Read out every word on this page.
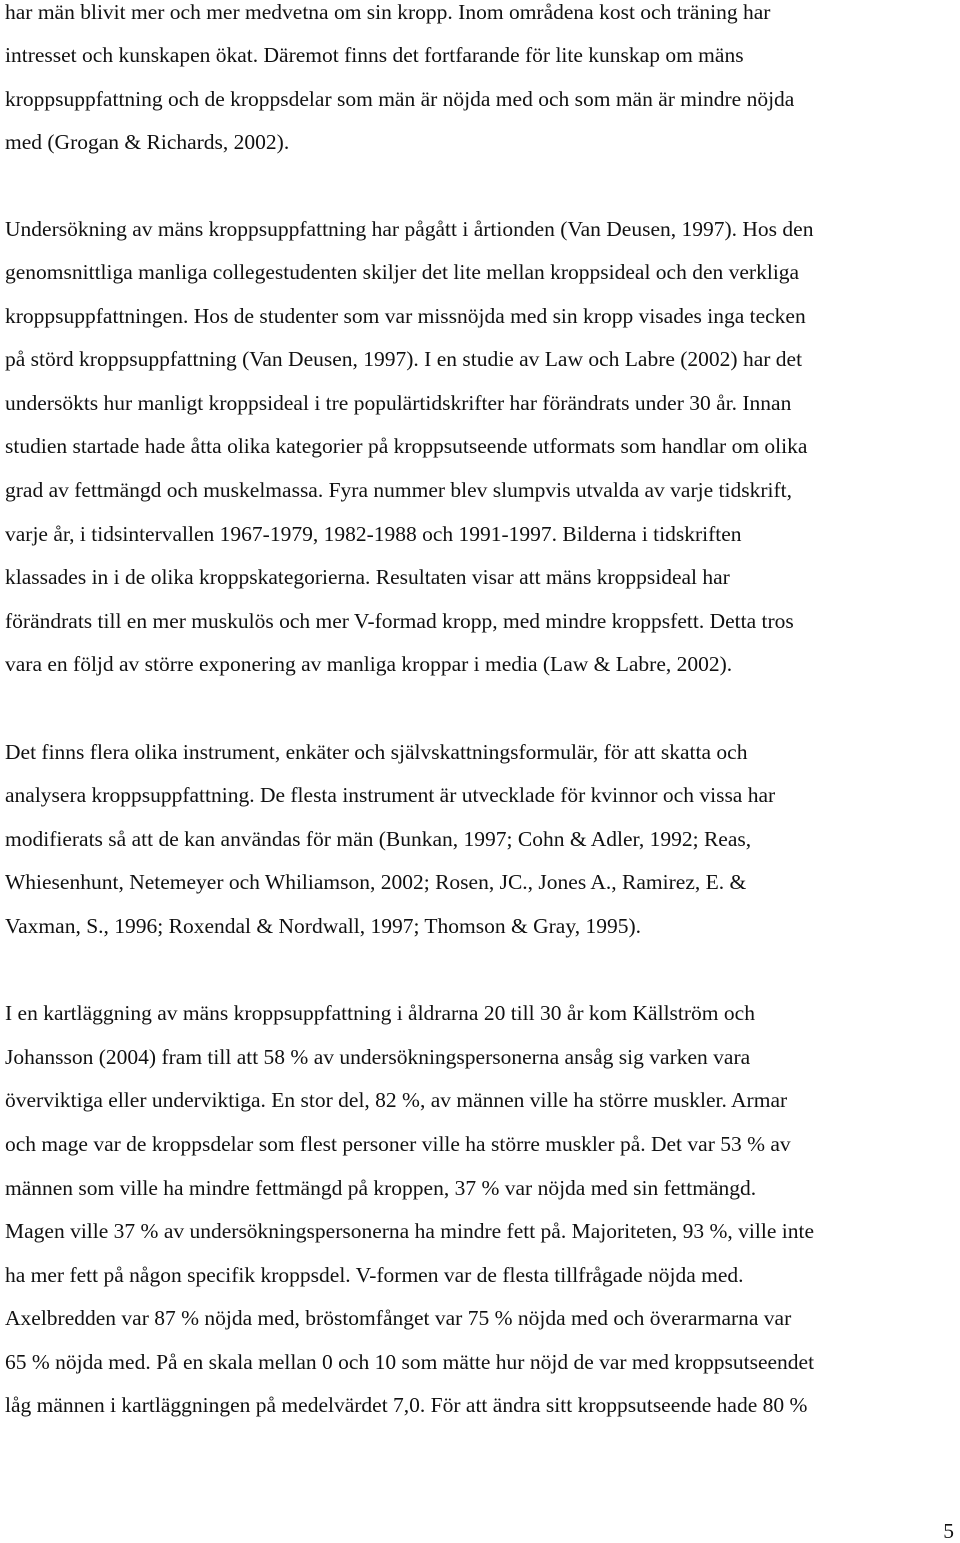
har män blivit mer och mer medvetna om sin kropp. Inom områdena kost och träning har
intresset och kunskapen ökat. Däremot finns det fortfarande för lite kunskap om mäns
kroppsuppfattning och de kroppsdelar som män är nöjda med och som män är mindre nöjda
med (Grogan & Richards, 2002).
Undersökning av mäns kroppsuppfattning har pågått i årtionden (Van Deusen, 1997). Hos den
genomsnittliga manliga collegestudenten skiljer det lite mellan kroppsideal och den verkliga
kroppsuppfattningen. Hos de studenter som var missnöjda med sin kropp visades inga tecken
på störd kroppsuppfattning (Van Deusen, 1997). I en studie av Law och Labre (2002) har det
undersökts hur manligt kroppsideal i tre populärtidskrifter har förändrats under 30 år. Innan
studien startade hade åtta olika kategorier på kroppsutseende utformats som handlar om olika
grad av fettmängd och muskelmassa. Fyra nummer blev slumpvis utvalda av varje tidskrift,
varje år, i tidsintervallen 1967-1979, 1982-1988 och 1991-1997. Bilderna i tidskriften
klassades in i de olika kroppskategorierna. Resultaten visar att mäns kroppsideal har
förändrats till en mer muskulös och mer V-formad kropp, med mindre kroppsfett. Detta tros
vara en följd av större exponering av manliga kroppar i media (Law & Labre, 2002).
Det finns flera olika instrument, enkäter och självskattningsformulär, för att skatta och
analysera kroppsuppfattning. De flesta instrument är utvecklade för kvinnor och vissa har
modifierats så att de kan användas för män (Bunkan, 1997; Cohn & Adler, 1992; Reas,
Whiesenhunt, Netemeyer och Whiliamson, 2002; Rosen, JC., Jones A., Ramirez, E. &
Vaxman, S., 1996; Roxendal & Nordwall, 1997; Thomson & Gray, 1995).
I en kartläggning av mäns kroppsuppfattning i åldrarna 20 till 30 år kom Källström och
Johansson (2004) fram till att 58 % av undersökningspersonerna ansåg sig varken vara
överviktiga eller underviktiga. En stor del, 82 %, av männen ville ha större muskler. Armar
och mage var de kroppsdelar som flest personer ville ha större muskler på. Det var 53 % av
männen som ville ha mindre fettmängd på kroppen, 37 % var nöjda med sin fettmängd.
Magen ville 37 % av undersökningspersonerna ha mindre fett på. Majoriteten, 93 %, ville inte
ha mer fett på någon specifik kroppsdel. V-formen var de flesta tillfrågade nöjda med.
Axelbredden var 87 % nöjda med, bröstomfånget var 75 % nöjda med och överarmarna var
65 % nöjda med. På en skala mellan 0 och 10 som mätte hur nöjd de var med kroppsutseendet
låg männen i kartläggningen på medelvärdet 7,0. För att ändra sitt kroppsutseende hade 80 %
5
